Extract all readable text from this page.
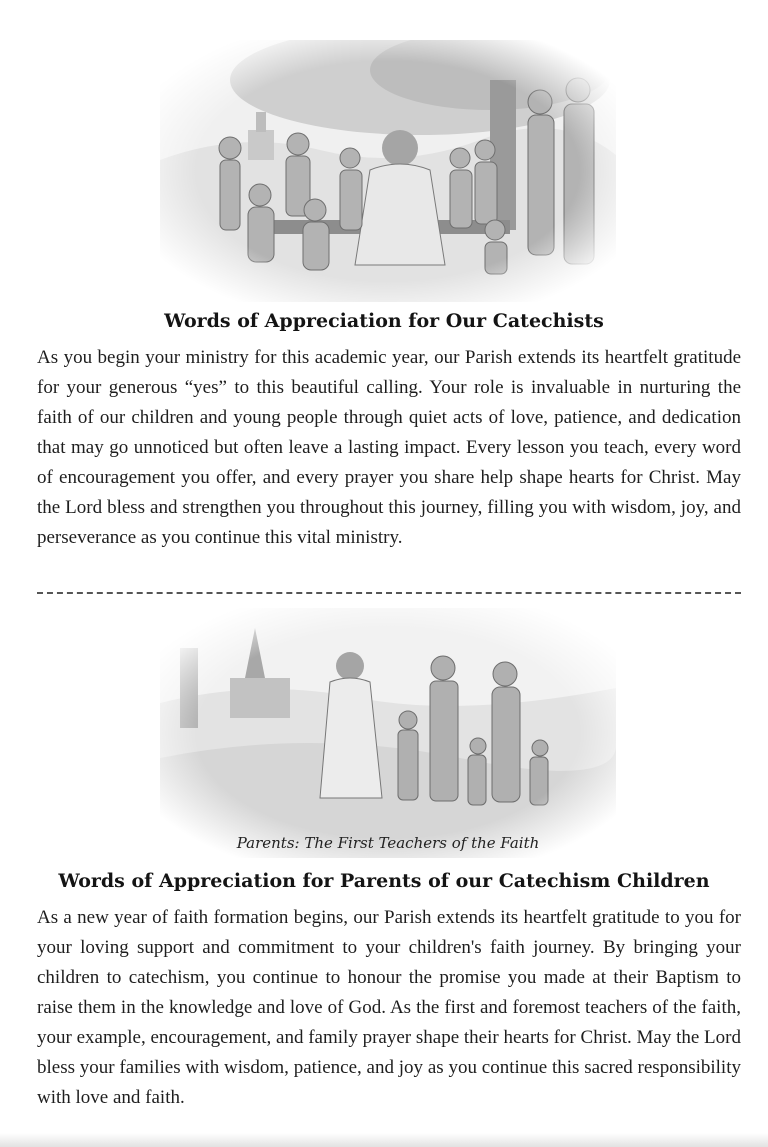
Words of Appreciation for Our Catechists

As you begin your ministry for this academic year, our Parish extends its heartfelt gratitude for your generous “yes” to this beautiful calling. Your role is invaluable in nurturing the faith of our children and young people through quiet acts of love, patience, and dedication that may go unnoticed but often leave a lasting impact. Every lesson you teach, every word of encouragement you offer, and every prayer you share help shape hearts for Christ. May the Lord bless and strengthen you throughout this journey, filling you with wisdom, joy, and perseverance as you continue this vital ministry.

Parents: The First Teachers of the Faith
Words of Appreciation for Parents of our Catechism Children

As a new year of faith formation begins, our Parish extends its heartfelt gratitude to you for your loving support and commitment to your children's faith journey. By bringing your children to catechism, you continue to honour the promise you made at their Baptism to raise them in the knowledge and love of God. As the first and foremost teachers of the faith, your example, encouragement, and family prayer shape their hearts for Christ. May the Lord bless your families with wisdom, patience, and joy as you continue this sacred responsibility with love and faith.
